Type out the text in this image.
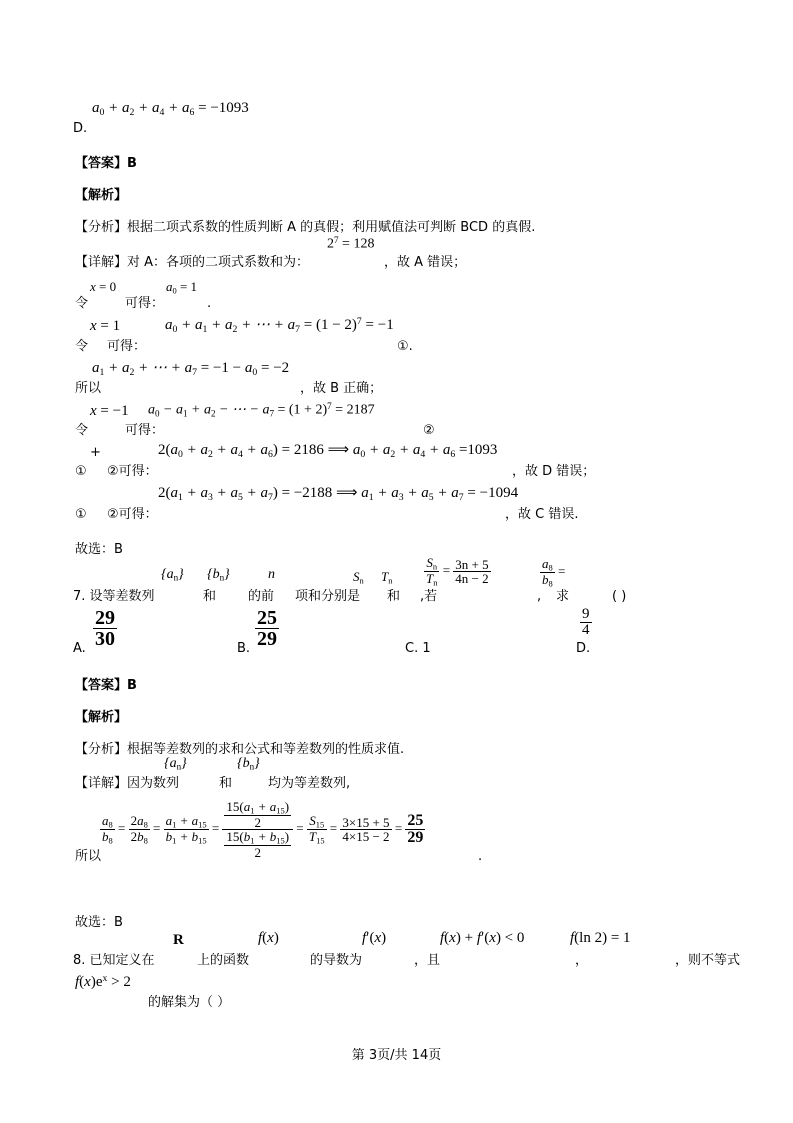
$a_0 + a_2 + a_4 + a_6 = -1093$
D.
【答案】B
【解析】
【分析】根据二项式系数的性质判断 A 的真假；利用赋值法可判断 BCD 的真假.
$2^7 = 128$
【详解】对 A：各项的二项式系数和为：	，故 A 错误；
x = 0	$a_0 = 1$
令	可得：	.
x = 1	$a_0 + a_1 + a_2$ + ⋯ + $a_7 = (1 - 2)^7 = -1$
令 可得：	①.
$a_1 + a_2$ + ⋯ + $a_7 = -1 - a_0 = -2$
所以	，故 B 正确；
x = −1 $a_0 - a_1 + a_2$ − ⋯ − $a_7 = (1 + 2)^7 = 2187$
令	可得：	②
+	$2(a_0 + a_2 + a_4 + a_6) = 2186$ ⟹ $a_0 + a_2 + a_4 + a_6 =1093$
① ②可得：	，故 D 错误；
$2(a_1 + a_3 + a_5 + a_7) = -2188$ ⟹ $a_1 + a_3 + a_5 + a_7 = -1094$
① ②可得：	，故 C 错误.
故选：B
$\{a_n\}$ $\{b_n\}$	n	$S_n$ $T_n \frac{S_n}{T_n} = \frac{3n + 5}{4n - 2}$	$\frac{a_8}{b_8}$ =
7. 设等差数列	和 的前 项和分别是 和 ,若	, 求	( )
$\frac{29}{30}$
A.	$\frac{25}{29}$
B.	C. 1
$\frac{9}{4}$
D.
【答案】B
【解析】
【分析】根据等差数列的求和公式和等差数列的性质求值.
$\{a_n\}$	$\{b_n\}$
【详解】因为数列	和	均为等差数列,
$\frac{a_8}{b_8} = \frac{2a_8}{2b_8} = \frac{a_1 + a_{15}}{b_1 + b_{15}} = \frac{\frac{15(a_1 + a_{15})}{2}}{\frac{15(b_1 + b_{15})}{2}} = \frac{S_{15}}{T_{15}} = \frac{3\times 15 + 5}{4\times 15 - 2} = \frac{25}{29}$
所以	.
故选：B
R	f(x)	f′(x)	f(x) + f′(x) < 0	f(ln 2) = 1
8. 已知定义在	上的函数	的导数为	，且	，	，则不等式
$f(x)e^x > 2$
的解集为（ ）
第 3页/共 14页
